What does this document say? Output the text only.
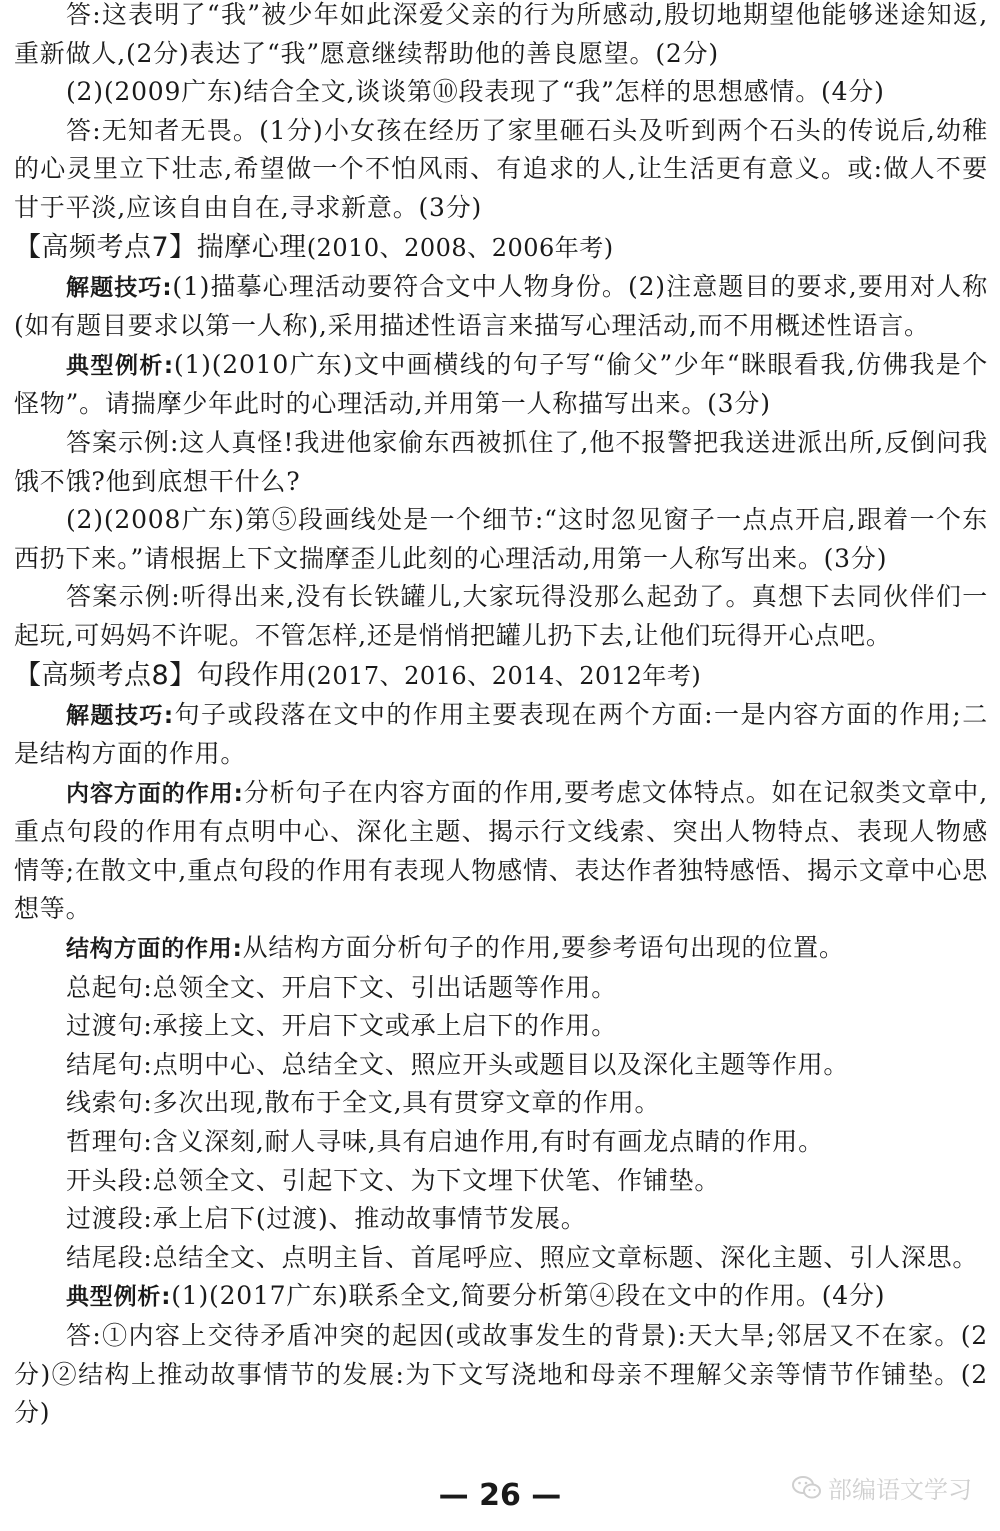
答:这表明了“我”被少年如此深爱父亲的行为所感动,殷切地期望他能够迷途知返,重新做人,(2分)表达了“我”愿意继续帮助他的善良愿望。(2分)

(2)(2009广东)结合全文,谈谈第⑩段表现了“我”怎样的思想感情。(4分)

答:无知者无畏。(1分)小女孩在经历了家里砸石头及听到两个石头的传说后,幼稚的心灵里立下壮志,希望做一个不怕风雨、有追求的人,让生活更有意义。或:做人不要甘于平淡,应该自由自在,寻求新意。(3分)

【高频考点7】揣摩心理(2010、2008、2006年考)

解题技巧:(1)描摹心理活动要符合文中人物身份。(2)注意题目的要求,要用对人称(如有题目要求以第一人称),采用描述性语言来描写心理活动,而不用概述性语言。

典型例析:(1)(2010广东)文中画横线的句子写“偷父”少年“眯眼看我,仿佛我是个怪物”。请揣摩少年此时的心理活动,并用第一人称描写出来。(3分)

答案示例:这人真怪!我进他家偷东西被抓住了,他不报警把我送进派出所,反倒问我饿不饿?他到底想干什么?

(2)(2008广东)第⑤段画线处是一个细节:“这时忽见窗子一点点开启,跟着一个东西扔下来。”请根据上下文揣摩歪儿此刻的心理活动,用第一人称写出来。(3分)

答案示例:听得出来,没有长铁罐儿,大家玩得没那么起劲了。真想下去同伙伴们一起玩,可妈妈不许呢。不管怎样,还是悄悄把罐儿扔下去,让他们玩得开心点吧。

【高频考点8】句段作用(2017、2016、2014、2012年考)

解题技巧:句子或段落在文中的作用主要表现在两个方面:一是内容方面的作用;二是结构方面的作用。

内容方面的作用:分析句子在内容方面的作用,要考虑文体特点。如在记叙类文章中,重点句段的作用有点明中心、深化主题、揭示行文线索、突出人物特点、表现人物感情等;在散文中,重点句段的作用有表现人物感情、表达作者独特感悟、揭示文章中心思想等。

结构方面的作用:从结构方面分析句子的作用,要参考语句出现的位置。

总起句:总领全文、开启下文、引出话题等作用。

过渡句:承接上文、开启下文或承上启下的作用。

结尾句:点明中心、总结全文、照应开头或题目以及深化主题等作用。

线索句:多次出现,散布于全文,具有贯穿文章的作用。

哲理句:含义深刻,耐人寻味,具有启迪作用,有时有画龙点睛的作用。

开头段:总领全文、引起下文、为下文埋下伏笔、作铺垫。

过渡段:承上启下(过渡)、推动故事情节发展。

结尾段:总结全文、点明主旨、首尾呼应、照应文章标题、深化主题、引人深思。

典型例析:(1)(2017广东)联系全文,简要分析第④段在文中的作用。(4分)

答:①内容上交待矛盾冲突的起因(或故事发生的背景):天大旱;邻居又不在家。(2分)②结构上推动故事情节的发展:为下文写浇地和母亲不理解父亲等情节作铺垫。(2分)

— 26 —	部编语文学习
